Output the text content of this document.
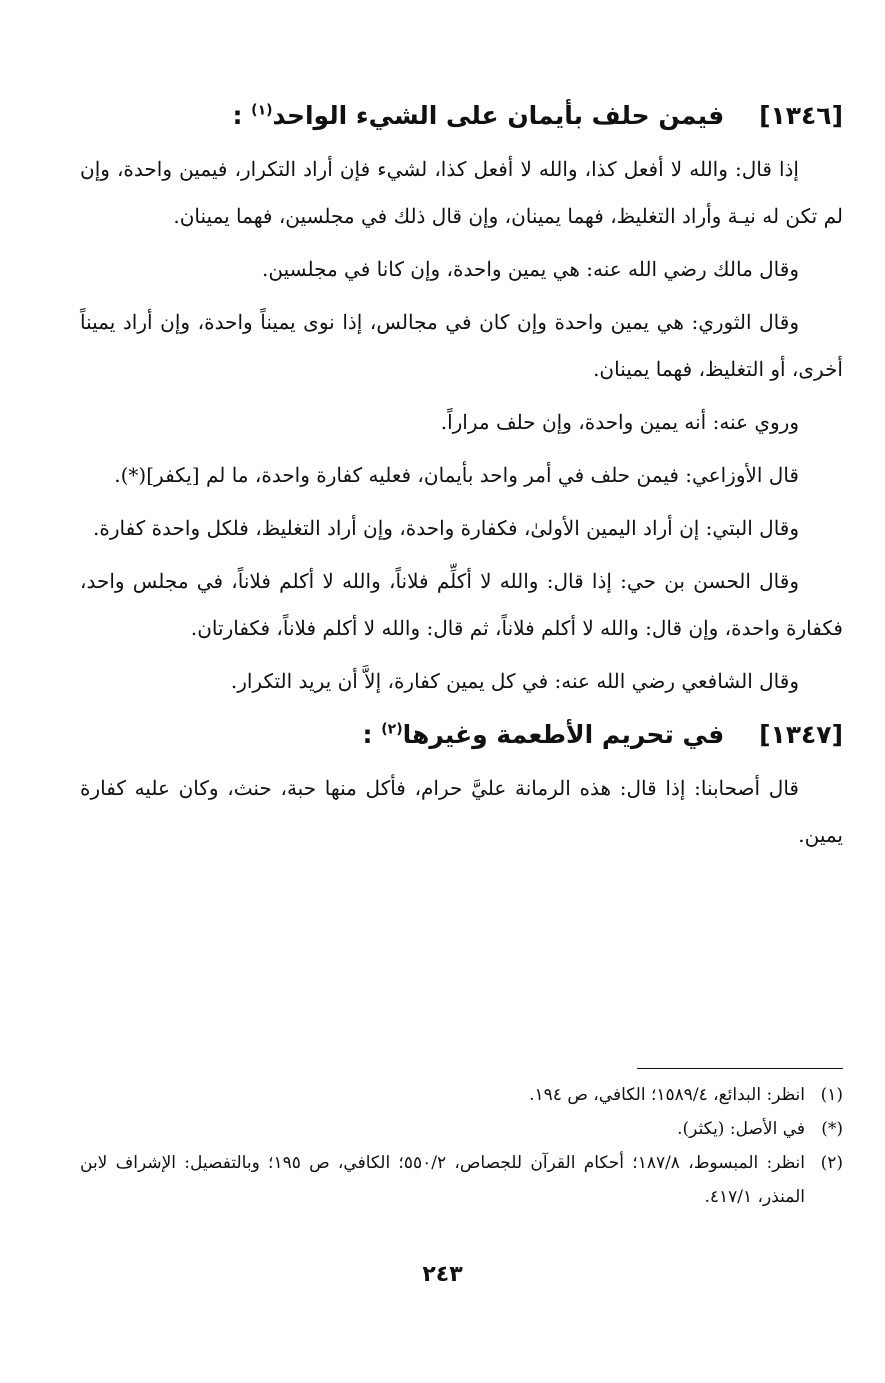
[١٣٤٦]    فيمن حلف بأيمان على الشيء الواحد$^{(١)}$ :

إذا قال: والله لا أفعل كذا، والله لا أفعل كذا، لشيء فإن أراد التكرار، فيمين واحدة، وإن لم تكن له نيـة وأراد التغليظ، فهما يمينان، وإن قال ذلك في مجلسين، فهما يمينان.

وقال مالك رضي الله عنه: هي يمين واحدة، وإن كانا في مجلسين.

وقال الثوري: هي يمين واحدة وإن كان في مجالس، إذا نوى يميناً واحدة، وإن أراد يميناً أخرى، أو التغليظ، فهما يمينان.

وروي عنه: أنه يمين واحدة، وإن حلف مراراً.

قال الأوزاعي: فيمن حلف في أمر واحد بأيمان، فعليه كفارة واحدة، ما لم [يكفر](*).

وقال البتي: إن أراد اليمين الأولىٰ، فكفارة واحدة، وإن أراد التغليظ، فلكل واحدة كفارة.

وقال الحسن بن حي: إذا قال: والله لا أكلِّم فلاناً، والله لا أكلم فلاناً، في مجلس واحد، فكفارة واحدة، وإن قال: والله لا أكلم فلاناً، ثم قال: والله لا أكلم فلاناً، فكفارتان.

وقال الشافعي رضي الله عنه: في كل يمين كفارة، إلاَّ أن يريد التكرار.

[١٣٤٧]    في تحريم الأطعمة وغيرها$^{(٢)}$ :

قال أصحابنا: إذا قال: هذه الرمانة عليَّ حرام، فأكل منها حبة، حنث، وكان عليه كفارة يمين.

(١)
انظر: البدائع، ١٥٨٩/٤؛ الكافي، ص ١٩٤.
(*)
في الأصل: (يكثر).
(٢)
انظر: المبسوط، ١٨٧/٨؛ أحكام القرآن للجصاص، ٥٥٠/٢؛ الكافي، ص ١٩٥؛ وبالتفصيل: الإشراف لابن المنذر، ٤١٧/١.
٢٤٣
